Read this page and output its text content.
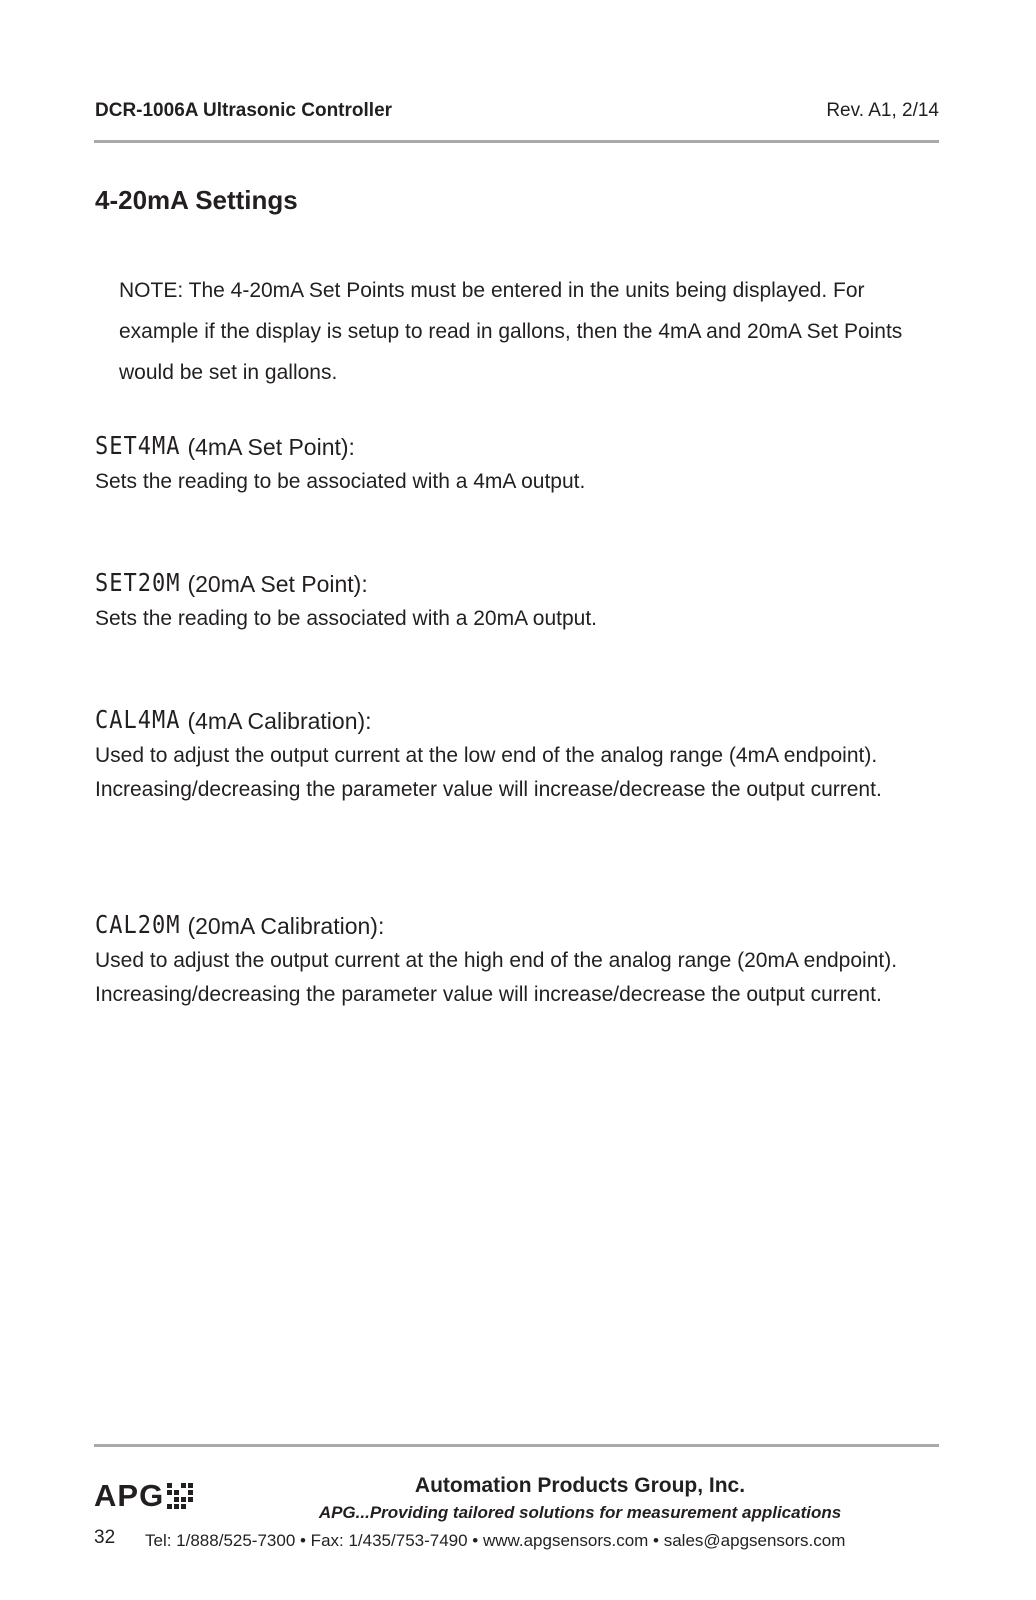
DCR-1006A Ultrasonic Controller	Rev. A1, 2/14
4-20mA Settings
NOTE: The 4-20mA Set Points must be entered in the units being displayed. For example if the display is setup to read in gallons, then the 4mA and 20mA Set Points would be set in gallons.
SET4MA (4mA Set Point):
Sets the reading to be associated with a 4mA output.
SET20M (20mA Set Point):
Sets the reading to be associated with a 20mA output.
CAL4MA (4mA Calibration):
Used to adjust the output current at the low end of the analog range (4mA endpoint). Increasing/decreasing the parameter value will increase/decrease the output current.
CAL20M (20mA Calibration):
Used to adjust the output current at the high end of the analog range (20mA endpoint). Increasing/decreasing the parameter value will increase/decrease the output current.
APG	Automation Products Group, Inc.
APG...Providing tailored solutions for measurement applications
32 Tel: 1/888/525-7300 • Fax: 1/435/753-7490 • www.apgsensors.com • sales@apgsensors.com
